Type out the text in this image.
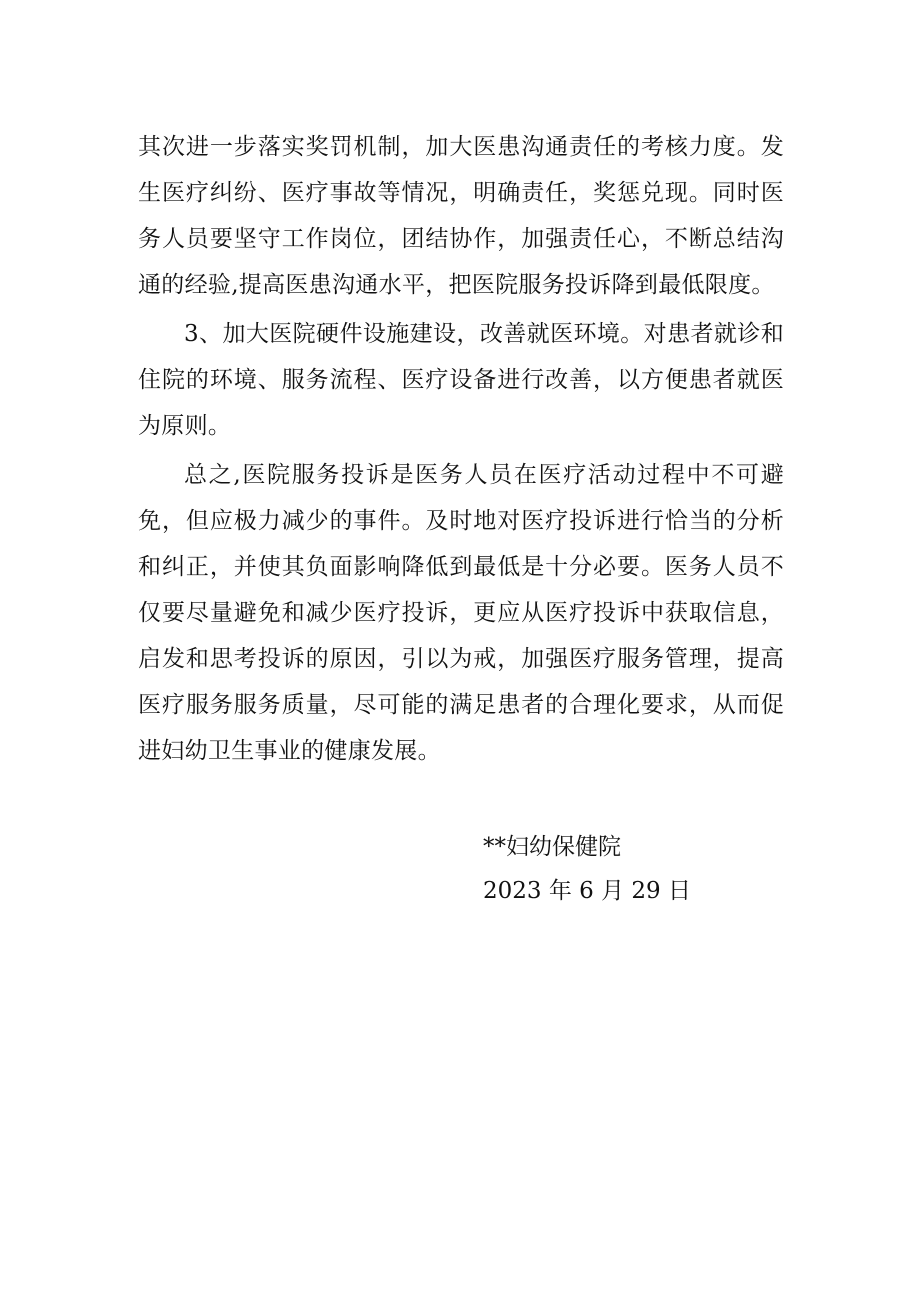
其次进一步落实奖罚机制，加大医患沟通责任的考核力度。发生医疗纠纷、医疗事故等情况，明确责任，奖惩兑现。同时医务人员要坚守工作岗位，团结协作，加强责任心，不断总结沟通的经验,提高医患沟通水平，把医院服务投诉降到最低限度。

3、加大医院硬件设施建设，改善就医环境。对患者就诊和住院的环境、服务流程、医疗设备进行改善，以方便患者就医为原则。

总之,医院服务投诉是医务人员在医疗活动过程中不可避免，但应极力减少的事件。及时地对医疗投诉进行恰当的分析和纠正，并使其负面影响降低到最低是十分必要。医务人员不仅要尽量避免和减少医疗投诉，更应从医疗投诉中获取信息，启发和思考投诉的原因，引以为戒，加强医疗服务管理，提高医疗服务服务质量，尽可能的满足患者的合理化要求，从而促进妇幼卫生事业的健康发展。

**妇幼保健院
2023 年 6 月 29 日
